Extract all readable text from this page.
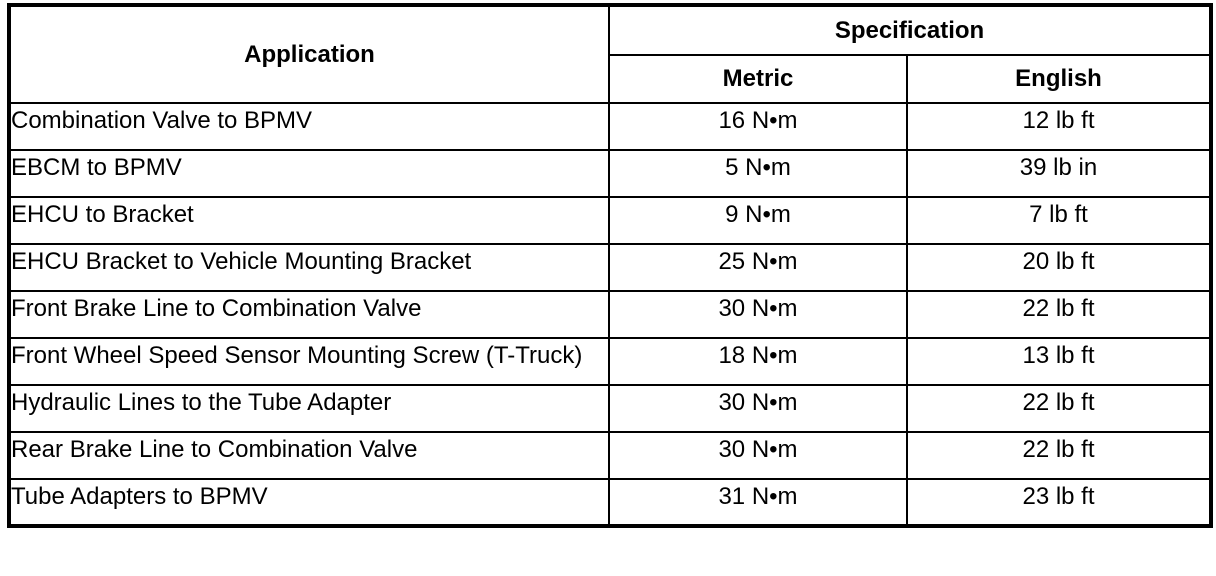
Application	Specification	
	Metric	English
Combination Valve to BPMV	16 N•m	12 lb ft
EBCM to BPMV	5 N•m	39 lb in
EHCU to Bracket	9 N•m	7 lb ft
EHCU Bracket to Vehicle Mounting Bracket	25 N•m	20 lb ft
Front Brake Line to Combination Valve	30 N•m	22 lb ft
Front Wheel Speed Sensor Mounting Screw (T-Truck)	18 N•m	13 lb ft
Hydraulic Lines to the Tube Adapter	30 N•m	22 lb ft
Rear Brake Line to Combination Valve	30 N•m	22 lb ft
Tube Adapters to BPMV	31 N•m	23 lb ft
